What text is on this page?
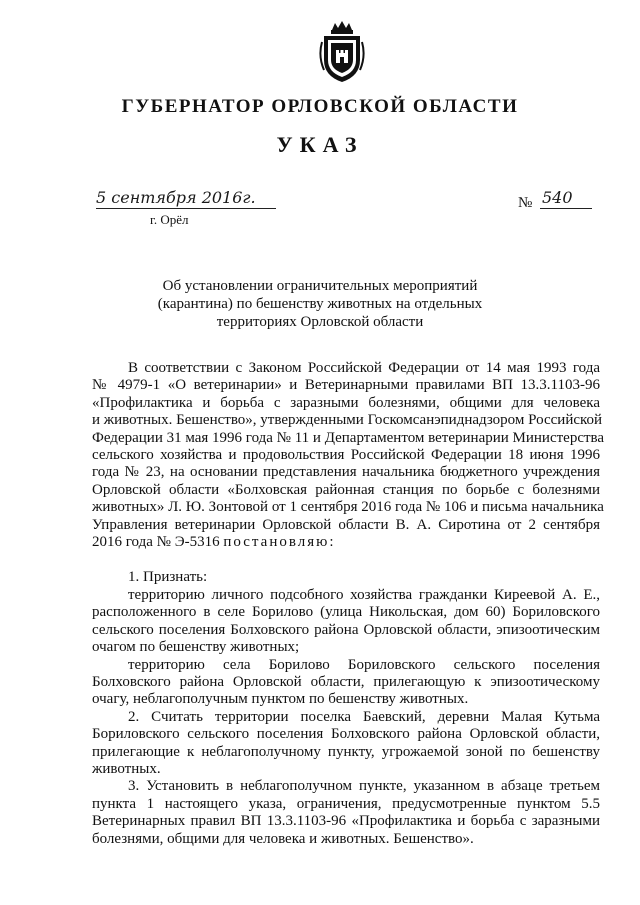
ГУБЕРНАТОР ОРЛОВСКОЙ ОБЛАСТИ
УКАЗ
5 сентября 2016г.
г. Орёл
№ 540
Об установлении ограничительных мероприятий
(карантина) по бешенству животных на отдельных
территориях Орловской области
В соответствии с Законом Российской Федерации от 14 мая 1993 года
№ 4979-1 «О ветеринарии» и Ветеринарными правилами ВП 13.3.1103-96
«Профилактика и борьба с заразными болезнями, общими для человека
и животных. Бешенство», утвержденными Госкомсанэпиднадзором Российской
Федерации 31 мая 1996 года № 11 и Департаментом ветеринарии Министерства
сельского хозяйства и продовольствия Российской Федерации 18 июня 1996
года № 23, на основании представления начальника бюджетного учреждения
Орловской области «Болховская районная станция по борьбе с болезнями
животных» Л. Ю. Зонтовой от 1 сентября 2016 года № 106 и письма начальника
Управления ветеринарии Орловской области В. А. Сиротина от 2 сентября
2016 года № Э-5316 постановляю:
1. Признать:
территорию личного подсобного хозяйства гражданки Киреевой А. Е.,
расположенного в селе Борилово (улица Никольская, дом 60) Бориловского
сельского поселения Болховского района Орловской области, эпизоотическим
очагом по бешенству животных;
территорию села Борилово Бориловского сельского поселения
Болховского района Орловской области, прилегающую к эпизоотическому
очагу, неблагополучным пунктом по бешенству животных.
2. Считать территории поселка Баевский, деревни Малая Кутьма
Бориловского сельского поселения Болховского района Орловской области,
прилегающие к неблагополучному пункту, угрожаемой зоной по бешенству
животных.
3. Установить в неблагополучном пункте, указанном в абзаце третьем
пункта 1 настоящего указа, ограничения, предусмотренные пунктом 5.5
Ветеринарных правил ВП 13.3.1103-96 «Профилактика и борьба с заразными
болезнями, общими для человека и животных. Бешенство».
